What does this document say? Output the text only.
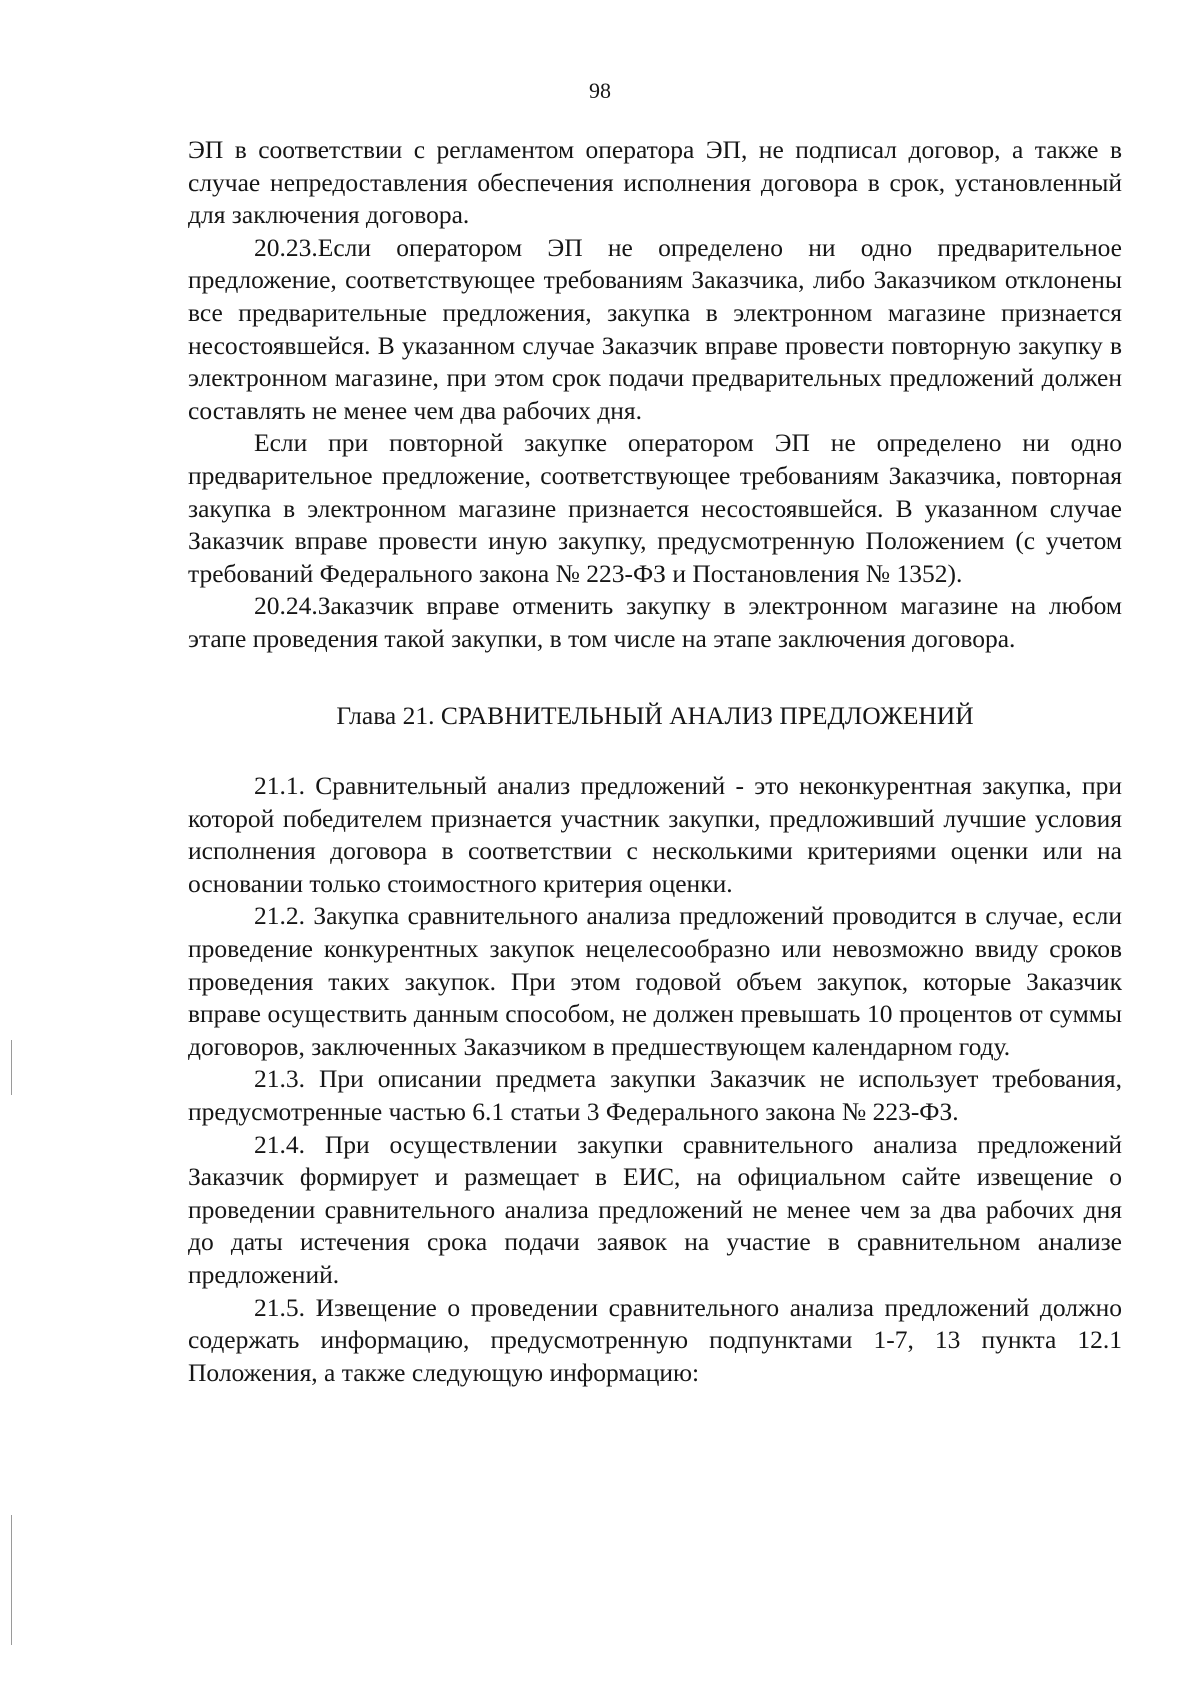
98

ЭП в соответствии с регламентом оператора ЭП, не подписал договор, а также в случае непредоставления обеспечения исполнения договора в срок, установленный для заключения договора.

20.23.Если оператором ЭП не определено ни одно предварительное предложение, соответствующее требованиям Заказчика, либо Заказчиком отклонены все предварительные предложения, закупка в электронном магазине признается несостоявшейся. В указанном случае Заказчик вправе провести повторную закупку в электронном магазине, при этом срок подачи предварительных предложений должен составлять не менее чем два рабочих дня.

Если при повторной закупке оператором ЭП не определено ни одно предварительное предложение, соответствующее требованиям Заказчика, повторная закупка в электронном магазине признается несостоявшейся. В указанном случае Заказчик вправе провести иную закупку, предусмотренную Положением (с учетом требований Федерального закона № 223-ФЗ и Постановления № 1352).

20.24.Заказчик вправе отменить закупку в электронном магазине на любом этапе проведения такой закупки, в том числе на этапе заключения договора.

Глава 21. СРАВНИТЕЛЬНЫЙ АНАЛИЗ ПРЕДЛОЖЕНИЙ

21.1. Сравнительный анализ предложений - это неконкурентная закупка, при которой победителем признается участник закупки, предложивший лучшие условия исполнения договора в соответствии с несколькими критериями оценки или на основании только стоимостного критерия оценки.

21.2. Закупка сравнительного анализа предложений проводится в случае, если проведение конкурентных закупок нецелесообразно или невозможно ввиду сроков проведения таких закупок. При этом годовой объем закупок, которые Заказчик вправе осуществить данным способом, не должен превышать 10 процентов от суммы договоров, заключенных Заказчиком в предшествующем календарном году.

21.3. При описании предмета закупки Заказчик не использует требования, предусмотренные частью 6.1 статьи 3 Федерального закона № 223-ФЗ.

21.4. При осуществлении закупки сравнительного анализа предложений Заказчик формирует и размещает в ЕИС, на официальном сайте извещение о проведении сравнительного анализа предложений не менее чем за два рабочих дня до даты истечения срока подачи заявок на участие в сравнительном анализе предложений.

21.5. Извещение о проведении сравнительного анализа предложений должно содержать информацию, предусмотренную подпунктами 1-7, 13 пункта 12.1 Положения, а также следующую информацию:
